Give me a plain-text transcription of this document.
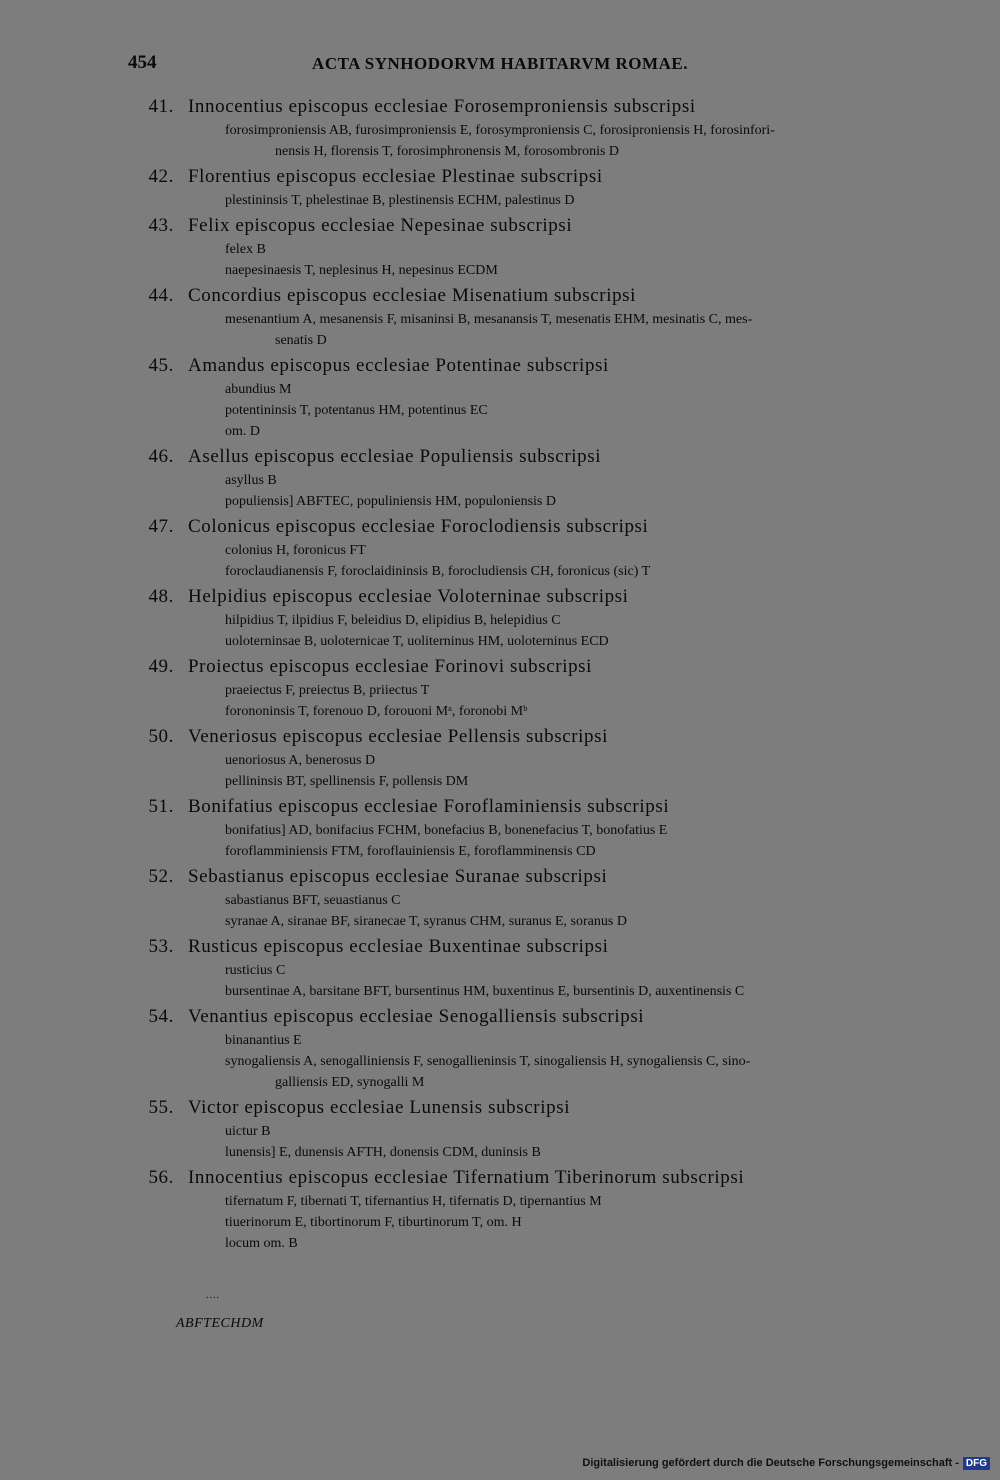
454	ACTA SYNHODORVM HABITARVM ROMAE.
41. Innocentius episcopus ecclesiae Forosemproniensis subscripsi
forosimproniensis AB, furosimproniensis E, forosymproniensis C, forosiproniensis H, forosinfori-
nensis H, florensis T, forosimphronensis M, forosombronis D
42. Florentius episcopus ecclesiae Plestinae subscripsi
plestininsis T, phelestinae B, plestinensis ECHM, palestinus D
43. Felix episcopus ecclesiae Nepesinae subscripsi
felex B
naepesinaesis T, neplesinus H, nepesinus ECDM
44. Concordius episcopus ecclesiae Misenatium subscripsi
mesenantium A, mesanensis F, misaninsi B, mesanansis T, mesenatis EHM, mesinatis C, mes-
senatis D
45. Amandus episcopus ecclesiae Potentinae subscripsi
abundius M
potentininsis T, potentanus HM, potentinus EC
om. D
46. Asellus episcopus ecclesiae Populiensis subscripsi
asyllus B
populiensis] ABFTEC, populiniensis HM, populoniensis D
47. Colonicus episcopus ecclesiae Foroclodiensis subscripsi
colonius H, foronicus FT
foroclaudianensis F, foroclaidininsis B, forocludiensis CH, foronicus (sic) T
48. Helpidius episcopus ecclesiae Voloterninae subscripsi
hilpidius T, ilpidius F, beleidius D, elipidius B, helepidius C
uoloterninsae B, uoloternicae T, uoliterninus HM, uoloterninus ECD
49. Proiectus episcopus ecclesiae Forinovi subscripsi
praeiectus F, preiectus B, priiectus T
forononinsis T, forenouo D, forouoni Mᵃ, foronobi Mᵇ
50. Veneriosus episcopus ecclesiae Pellensis subscripsi
uenoriosus A, benerosus D
pellininsis BT, spellinensis F, pollensis DM
51. Bonifatius episcopus ecclesiae Foroflaminiensis subscripsi
bonifatius] AD, bonifacius FCHM, bonefacius B, bonenefacius T, bonofatius E
foroflamminiensis FTM, foroflauiniensis E, foroflamminensis CD
52. Sebastianus episcopus ecclesiae Suranae subscripsi
sabastianus BFT, seuastianus C
syranae A, siranae BF, siranecae T, syranus CHM, suranus E, soranus D
53. Rusticus episcopus ecclesiae Buxentinae subscripsi
rusticius C
bursentinae A, barsitane BFT, bursentinus HM, buxentinus E, bursentinis D, auxentinensis C
54. Venantius episcopus ecclesiae Senogalliensis subscripsi
binanantius E
synogaliensis A, senogalliniensis F, senogallieninsis T, sinogaliensis H, synogaliensis C, sino-
galliensis ED, synogalli M
55. Victor episcopus ecclesiae Lunensis subscripsi
uictur B
lunensis] E, dunensis AFTH, donensis CDM, duninsis B
56. Innocentius episcopus ecclesiae Tifernatium Tiberinorum subscripsi
tifernatum F, tibernati T, tifernantius H, tifernatis D, tipernantius M
tiuerinorum E, tibortinorum F, tiburtinorum T, om. H
locum om. B
....
ABFTECHDM
Digitalisierung gefördert durch die Deutsche Forschungsgemeinschaft - DFG
